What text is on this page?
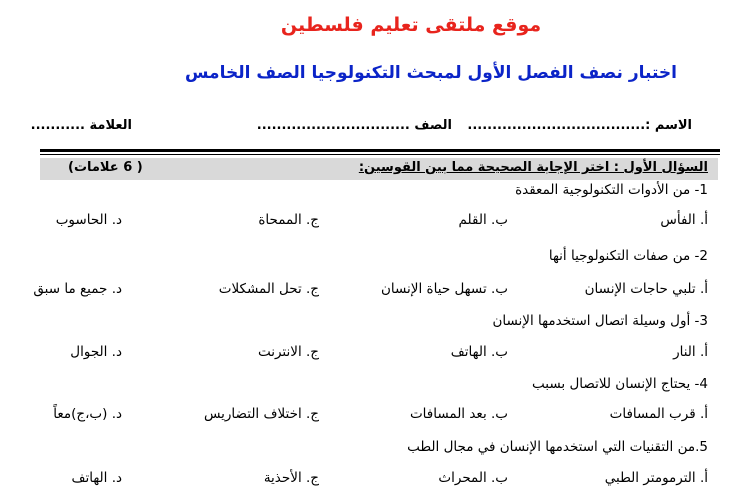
موقع ملتقى تعليم فلسطين
اختبار نصف الفصل الأول لمبحث التكنولوجيا الصف الخامس
الاسم :....................................
الصف ...............................
العلامة ...........
السؤال الأول : اختر الإجابة الصحيحة مما بين القوسين:
( 6 علامات)
1- من الأدوات التكنولوجية المعقدة
أ. الفأس
ب. القلم
ج. الممحاة
د. الحاسوب
2- من صفات التكنولوجيا أنها
أ. تلبي حاجات الإنسان
ب. تسهل حياة الإنسان
ج. تحل المشكلات
د. جميع ما سبق
3- أول وسيلة اتصال استخدمها الإنسان
أ. النار
ب. الهاتف
ج. الانترنت
د. الجوال
4- يحتاج الإنسان للاتصال بسبب
أ. قرب المسافات
ب. بعد المسافات
ج. اختلاف التضاريس
د. (ب،ج)معاً
5.من التقنيات التي استخدمها الإنسان في مجال الطب
أ. الترمومتر الطبي
ب. المحراث
ج. الأحذية
د. الهاتف
